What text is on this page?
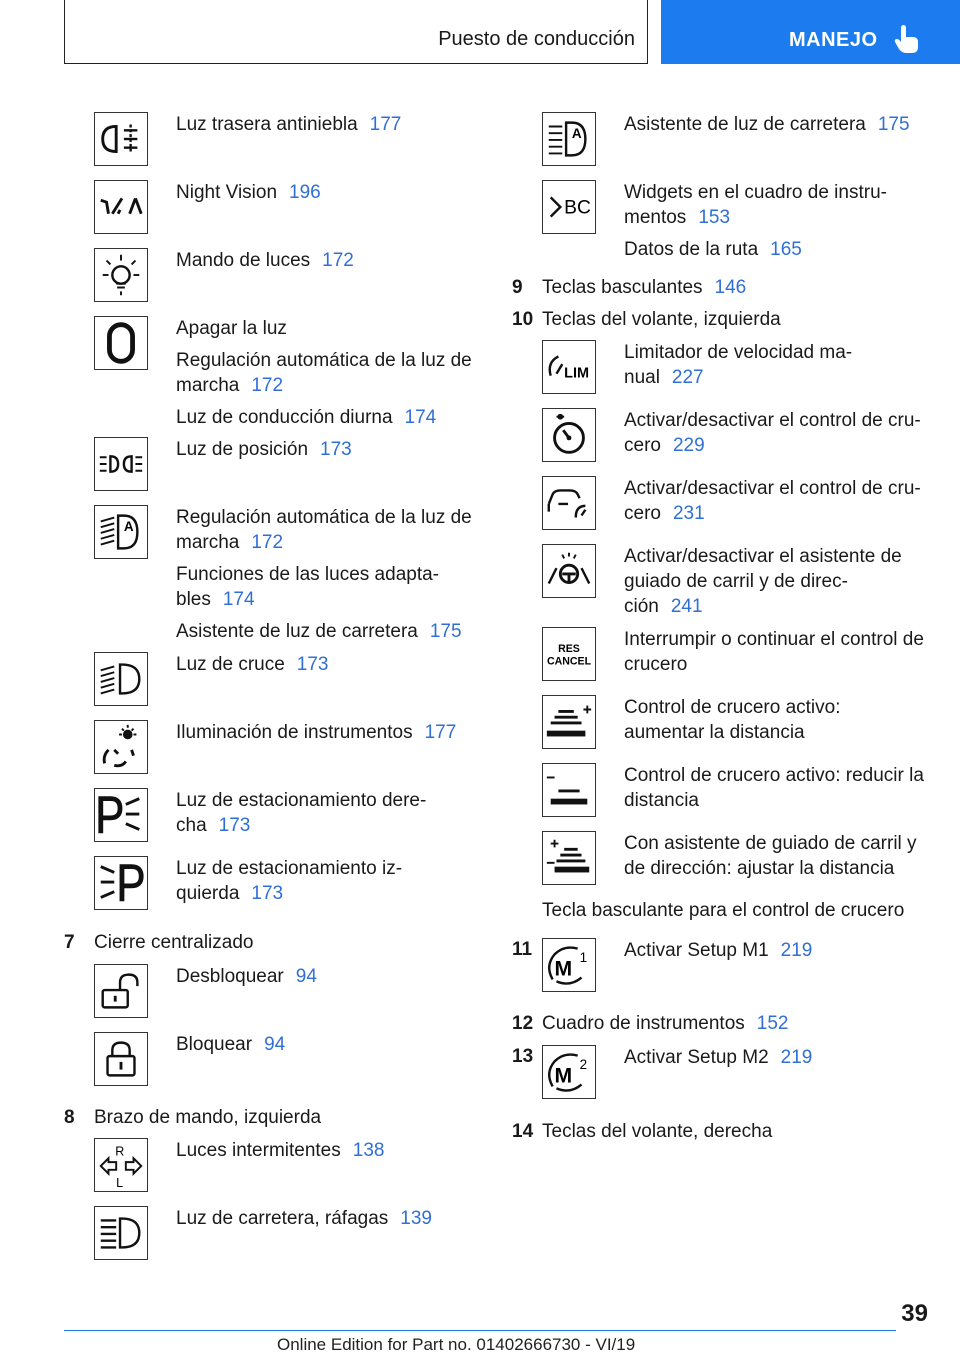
Puesto de conducción	MANEJO
Luz trasera antiniebla 177
Night Vision 196
Mando de luces 172
Apagar la luz
Regulación automática de la luz de marcha 172
Luz de conducción diurna 174
Luz de posición 173
A Regulación automática de la luz de marcha 172
Funciones de las luces adapta-bles 174
Asistente de luz de carretera 175
Luz de cruce 173
Iluminación de instrumentos 177
Luz de estacionamiento dere-cha 173
Luz de estacionamiento iz-quierda 173
7 Cierre centralizado
Desbloquear 94
Bloquear 94
8 Brazo de mando, izquierda
R
L
Luces intermitentes 138
Luz de carretera, ráfagas 139
A Asistente de luz de carretera 175
BC
Widgets en el cuadro de instru-mentos 153
Datos de la ruta 165
9 Teclas basculantes 146
10 Teclas del volante, izquierda
LIM
Limitador de velocidad ma-nual 227
Activar/desactivar el control de cru-cero 229
Activar/desactivar el control de cru-cero 231
Activar/desactivar el asistente de guiado de carril y de direc-ción 241
RES
CANCEL
Interrumpir o continuar el control de crucero
Control de crucero activo: aumentar la distancia
Control de crucero activo: reducir la distancia
Con asistente de guiado de carril y de dirección: ajustar la distancia
Tecla basculante para el control de crucero
11
M 1 Activar Setup M1 219
12 Cuadro de instrumentos 152
13
M 2 Activar Setup M2 219
14 Teclas del volante, derecha
39
Online Edition for Part no. 01402666730 - VI/19
